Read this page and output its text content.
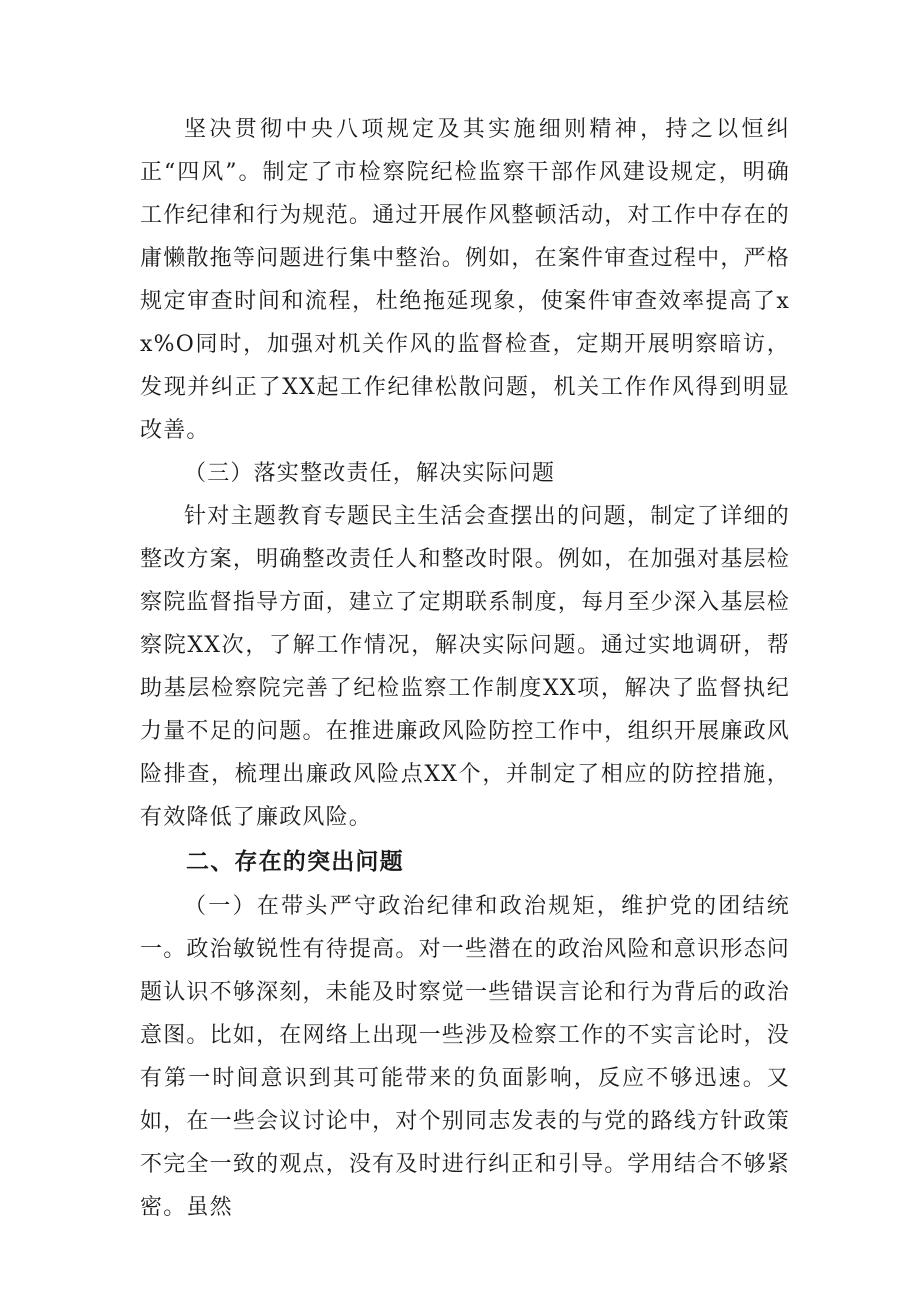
坚决贯彻中央八项规定及其实施细则精神，持之以恒纠正“四风”。制定了市检察院纪检监察干部作风建设规定，明确工作纪律和行为规范。通过开展作风整顿活动，对工作中存在的庸懒散拖等问题进行集中整治。例如，在案件审查过程中，严格规定审查时间和流程，杜绝拖延现象，使案件审查效率提高了xx%O同时，加强对机关作风的监督检查，定期开展明察暗访，发现并纠正了XX起工作纪律松散问题，机关工作作风得到明显改善。

（三）落实整改责任，解决实际问题

针对主题教育专题民主生活会查摆出的问题，制定了详细的整改方案，明确整改责任人和整改时限。例如，在加强对基层检察院监督指导方面，建立了定期联系制度，每月至少深入基层检察院XX次，了解工作情况，解决实际问题。通过实地调研，帮助基层检察院完善了纪检监察工作制度XX项，解决了监督执纪力量不足的问题。在推进廉政风险防控工作中，组织开展廉政风险排查，梳理出廉政风险点XX个，并制定了相应的防控措施，有效降低了廉政风险。

二、存在的突出问题

（一）在带头严守政治纪律和政治规矩，维护党的团结统一。政治敏锐性有待提高。对一些潜在的政治风险和意识形态问题认识不够深刻，未能及时察觉一些错误言论和行为背后的政治意图。比如，在网络上出现一些涉及检察工作的不实言论时，没有第一时间意识到其可能带来的负面影响，反应不够迅速。又如，在一些会议讨论中，对个别同志发表的与党的路线方针政策不完全一致的观点，没有及时进行纠正和引导。学用结合不够紧密。虽然
